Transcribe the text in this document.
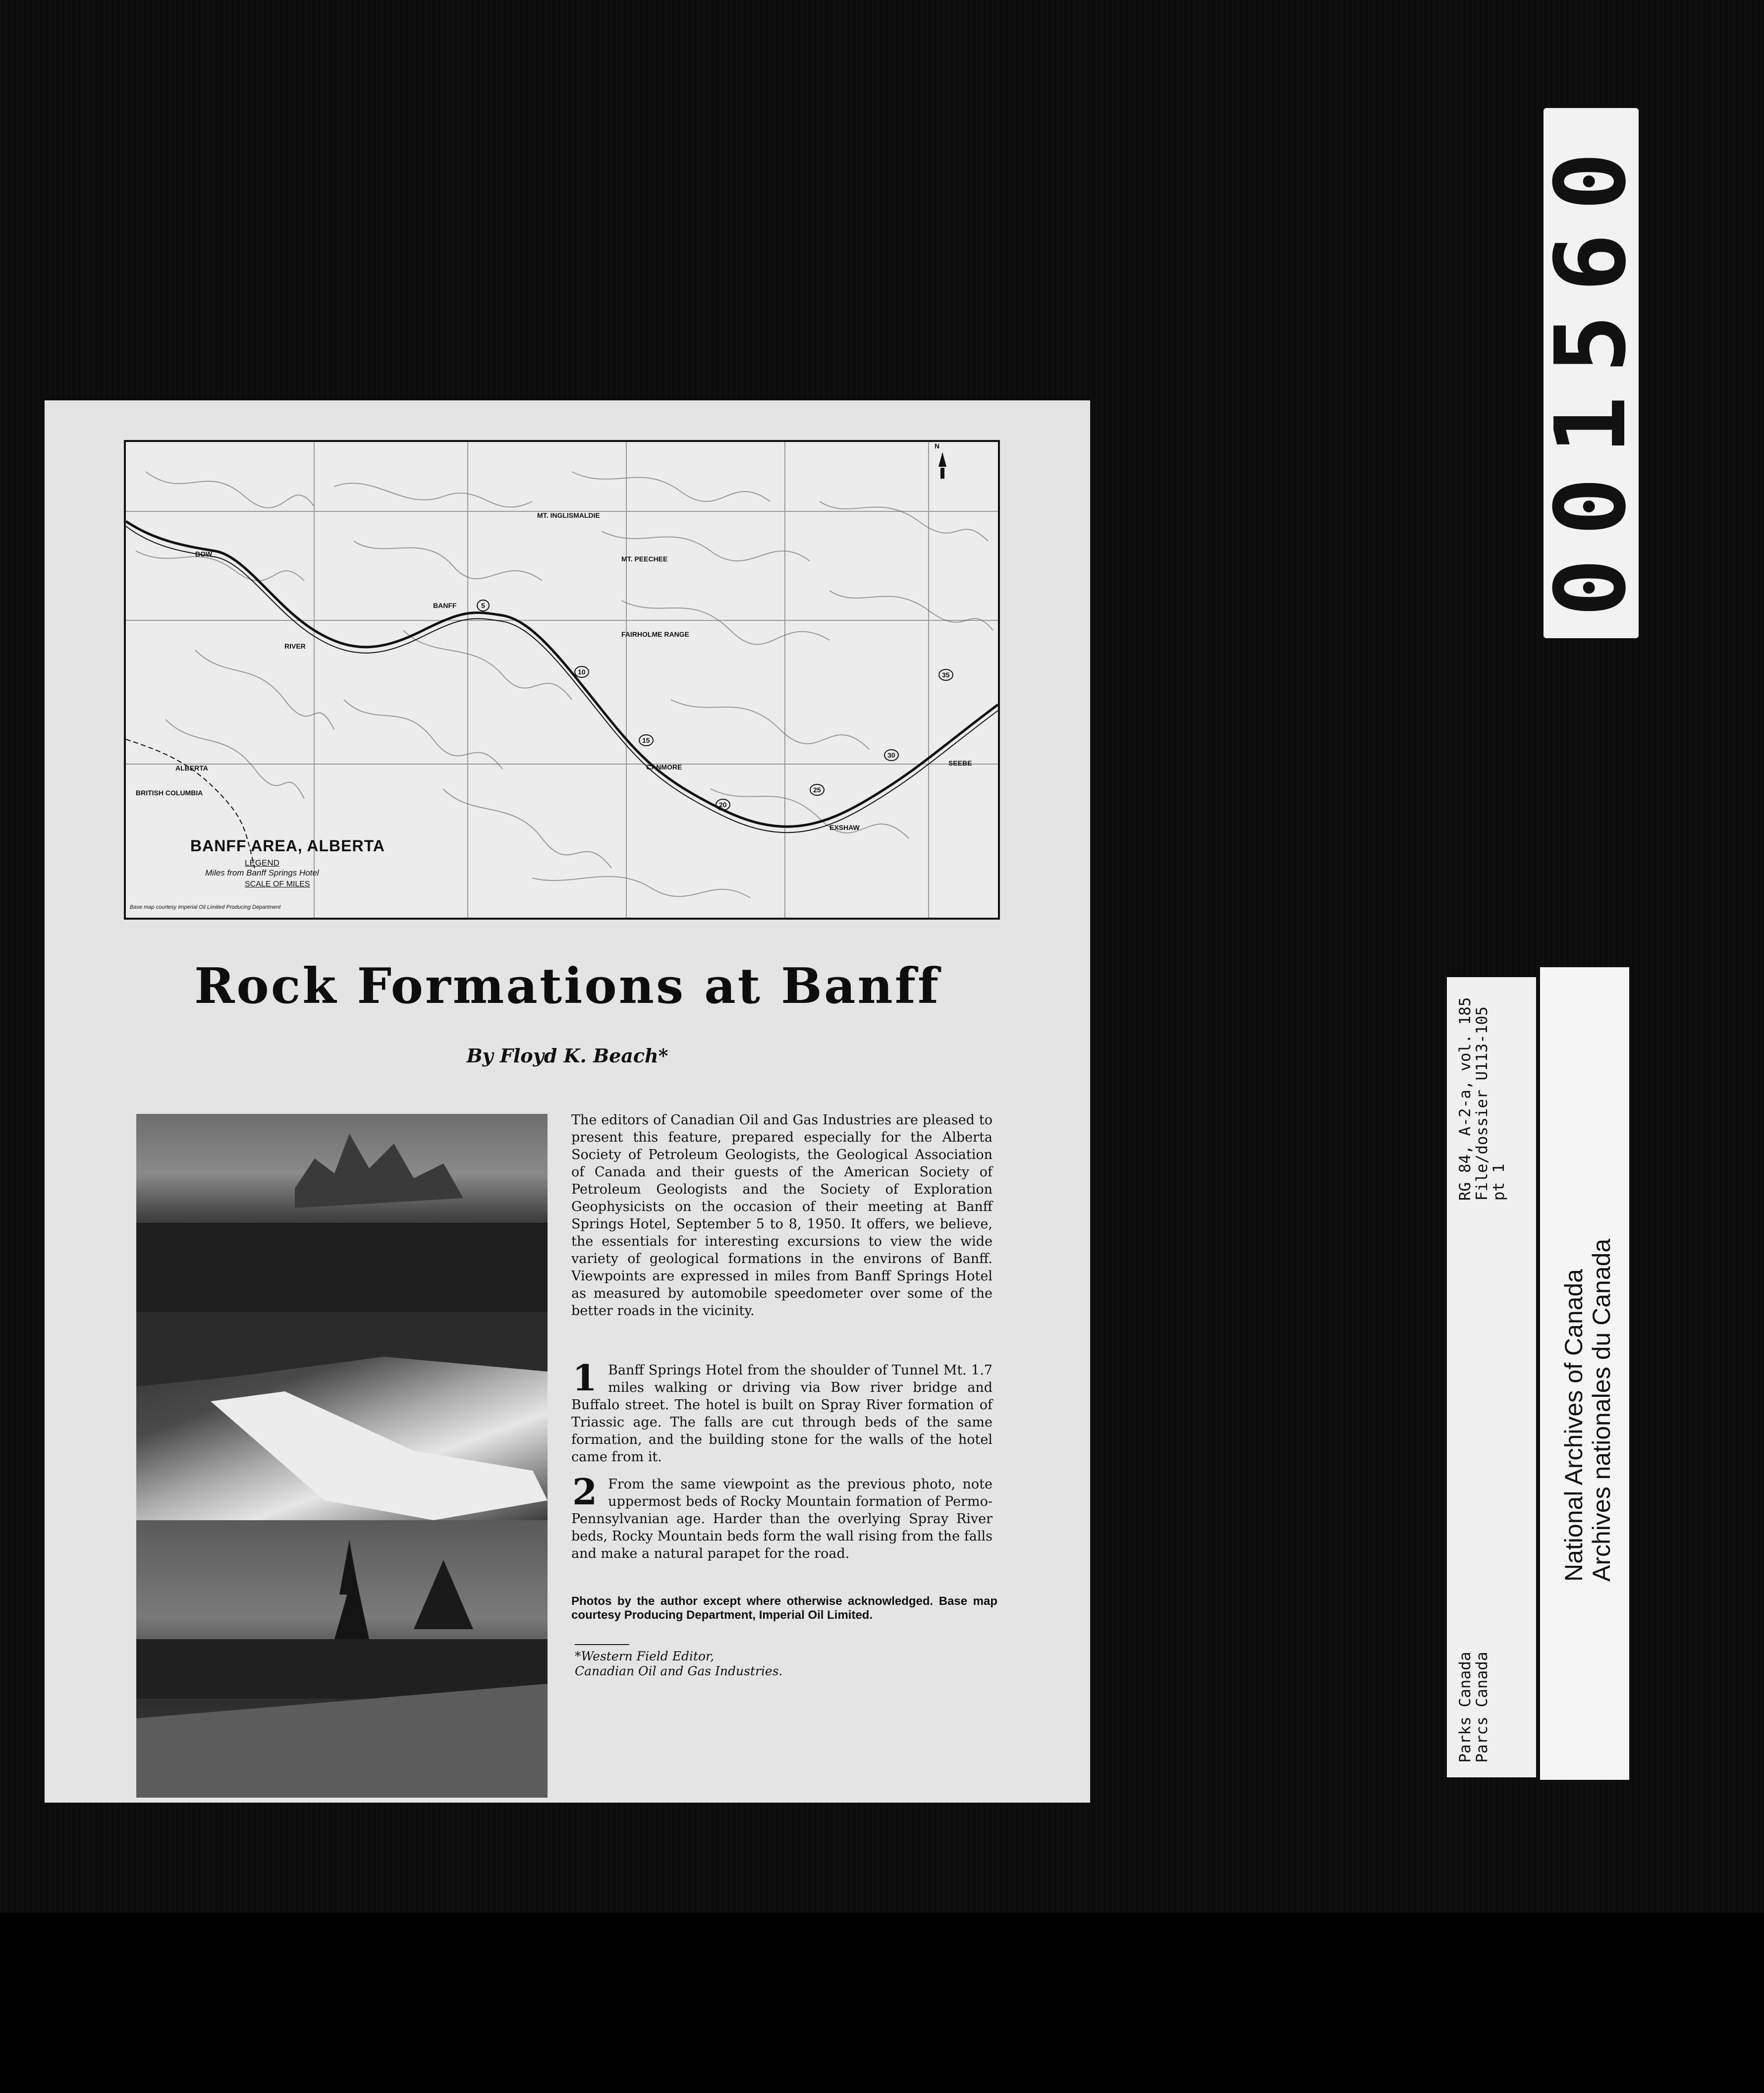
001560
Parks Canada
Parcs Canada
RG 84, A-2-a, vol. 185
File/dossier U113-105
pt 1
National Archives of Canada Archives nationales du Canada
N
BANFF
CANMORE
EXSHAW
SEEBE
ALBERTA
BRITISH COLUMBIA
BOW
RIVER
FAIRHOLME RANGE
MT. PEECHEE
MT. INGLISMALDIE
5
10
15
20
25
30
35
BANFF AREA, ALBERTA
LEGEND
Miles from Banff Springs Hotel
SCALE OF MILES
Base map courtesy Imperial Oil Limited Producing Department
Rock Formations at Banff
By Floyd K. Beach*
The editors of Canadian Oil and Gas Industries are pleased to present this feature, prepared especially for the Alberta Society of Petroleum Geologists, the Geological Association of Canada and their guests of the American Society of Petroleum Geologists and the Society of Exploration Geophysicists on the occasion of their meeting at Banff Springs Hotel, September 5 to 8, 1950. It offers, we believe, the essentials for interesting excursions to view the wide variety of geological formations in the environs of Banff. Viewpoints are expressed in miles from Banff Springs Hotel as measured by automobile speedometer over some of the better roads in the vicinity.
1 Banff Springs Hotel from the shoulder of Tunnel Mt. 1.7 miles walking or driving via Bow river bridge and Buffalo street. The hotel is built on Spray River formation of Triassic age. The falls are cut through beds of the same formation, and the building stone for the walls of the hotel came from it.
2 From the same viewpoint as the previous photo, note uppermost beds of Rocky Mountain formation of Permo-Pennsylvanian age. Harder than the overlying Spray River beds, Rocky Mountain beds form the wall rising from the falls and make a natural parapet for the road.
Photos by the author except where otherwise acknowledged. Base map courtesy Producing Department, Imperial Oil Limited.
*Western Field Editor,
Canadian Oil and Gas Industries.
